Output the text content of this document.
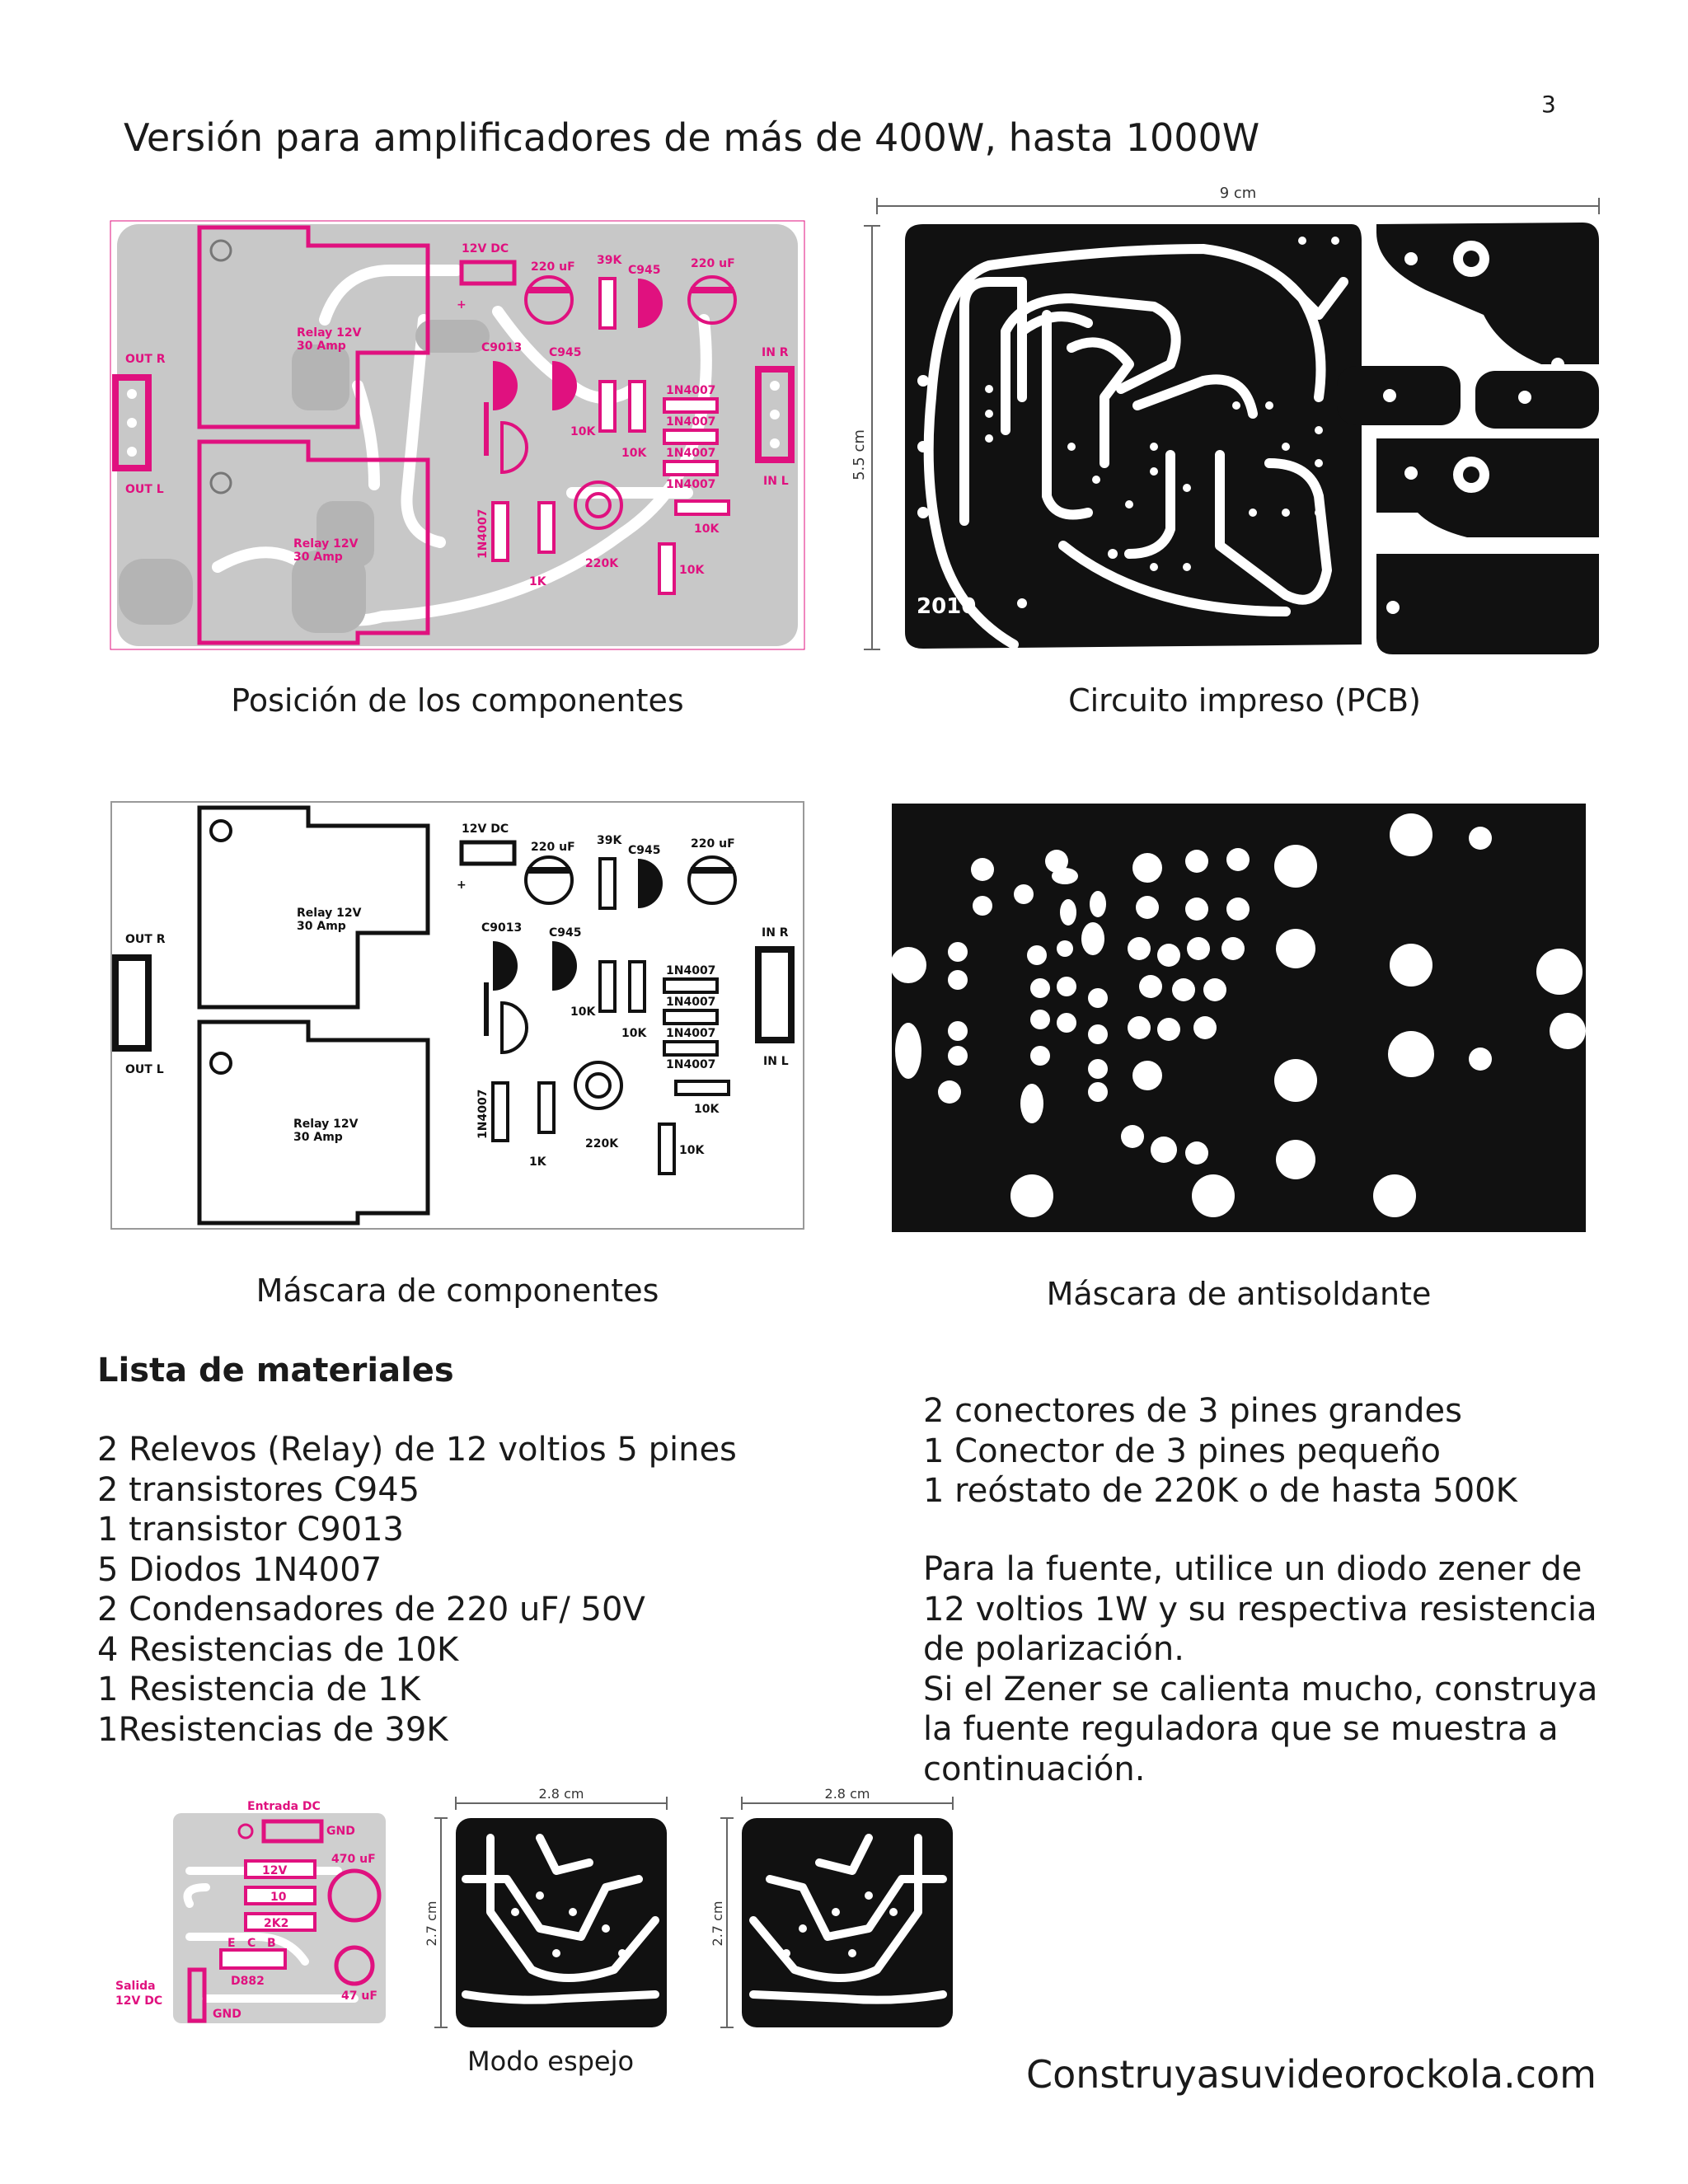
3
Versión para amplificadores de más de 400W, hasta 1000W
12V DC
220 uF 39K
C945	220 uF
C9013 C945
Relay 12V
30 Amp
Relay 12V
30 Amp
OUT R
OUT L
IN R
IN L
1N4007
1N4007
1N4007
1N4007
1N4007
10K
10K
10K
10K
1K
220K
+
Posición de los componentes
9 cm
5.5 cm
2010
Circuito impreso (PCB)
12V DC
220 uF 39K
C945	220 uF
C9013 C945
Relay 12V
30 Amp
Relay 12V
30 Amp
OUT R
OUT L
IN R
IN L
1N4007
1N4007
1N4007
1N4007
1N4007
10K
10K
10K
10K
1K
220K
+
Máscara de componentes	Máscara de antisoldante
Lista de materiales
2 Relevos (Relay) de 12 voltios 5 pines
2 transistores C945
1 transistor C9013
5 Diodos 1N4007
2 Condensadores de 220 uF/ 50V
4 Resistencias de 10K
1 Resistencia de 1K
1Resistencias de 39K
2 conectores de 3 pines grandes
1 Conector de 3 pines pequeño
1 reóstato de 220K o de hasta 500K

Para la fuente, utilice un diodo zener de

12 voltios 1W y su respectiva resistencia

de polarización.

Si el Zener se calienta mucho, construya

la fuente reguladora que se muestra a

continuación.

Entrada DC
GND
470 uF
12V
10
2K2
E C B
D882
47 uF
Salida
12V DC
GND
2.8 cm
2.7 cm
2.8 cm
2.7 cm
Modo espejo	Construyasuvideorockola.com
